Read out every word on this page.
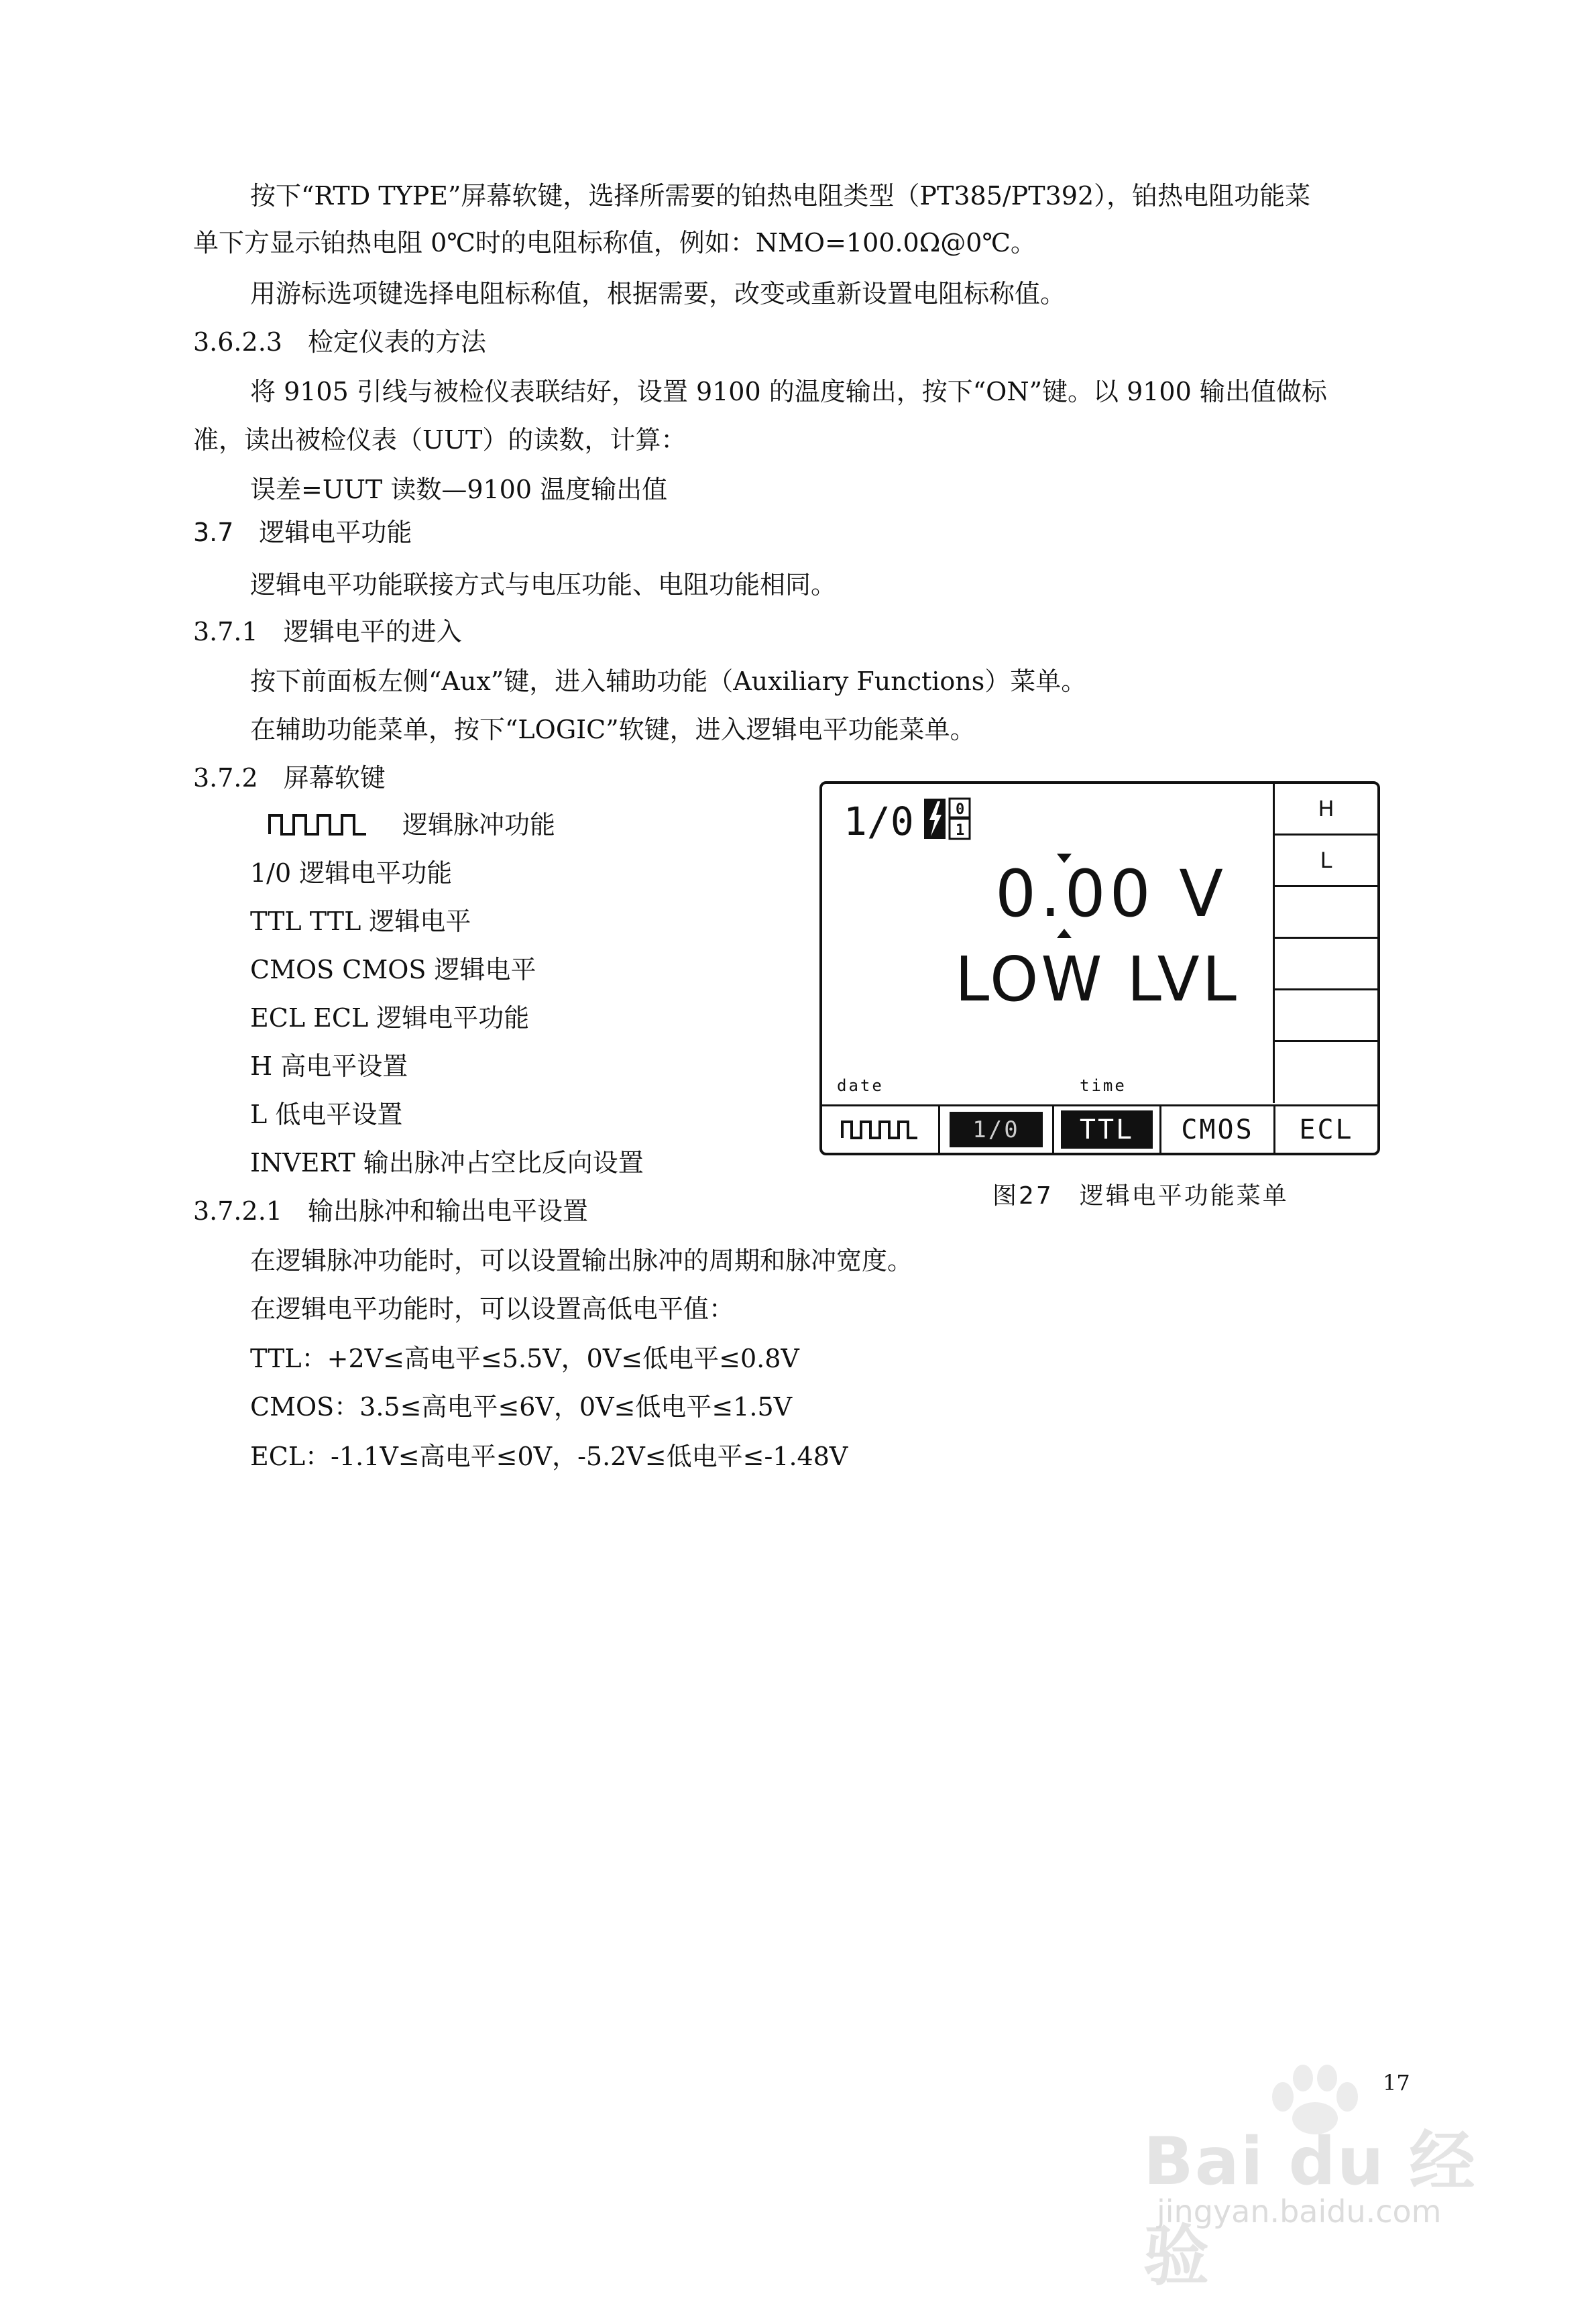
按下“RTD TYPE”屏幕软键，选择所需要的铂热电阻类型（PT385/PT392），铂热电阻功能菜
单下方显示铂热电阻 0℃时的电阻标称值，例如：NMO=100.0Ω@0℃。
用游标选项键选择电阻标称值，根据需要，改变或重新设置电阻标称值。
3.6.2.3　检定仪表的方法
将 9105 引线与被检仪表联结好，设置 9100 的温度输出，按下“ON”键。以 9100 输出值做标
准，读出被检仪表（UUT）的读数，计算：
误差=UUT 读数—9100 温度输出值
3.7　逻辑电平功能
逻辑电平功能联接方式与电压功能、电阻功能相同。
3.7.1　逻辑电平的进入
按下前面板左侧“Aux”键，进入辅助功能（Auxiliary Functions）菜单。
在辅助功能菜单，按下“LOGIC”软键，进入逻辑电平功能菜单。
3.7.2　屏幕软键
逻辑脉冲功能
1/0 逻辑电平功能
TTL TTL 逻辑电平
CMOS CMOS 逻辑电平
ECL ECL 逻辑电平功能
H 高电平设置
L 低电平设置
INVERT 输出脉冲占空比反向设置
3.7.2.1　输出脉冲和输出电平设置
在逻辑脉冲功能时，可以设置输出脉冲的周期和脉冲宽度。
在逻辑电平功能时，可以设置高低电平值：
TTL：+2V≤高电平≤5.5V，0V≤低电平≤0.8V
CMOS：3.5≤高电平≤6V，0V≤低电平≤1.5V
ECL：-1.1V≤高电平≤0V，-5.2V≤低电平≤-1.48V
1/0	0
1
0.00 V
LOW LVL
date	time
H
L
1/0	TTL	CMOS	ECL
图27　逻辑电平功能菜单
Bai du 经验
jingyan.baidu.com
17
